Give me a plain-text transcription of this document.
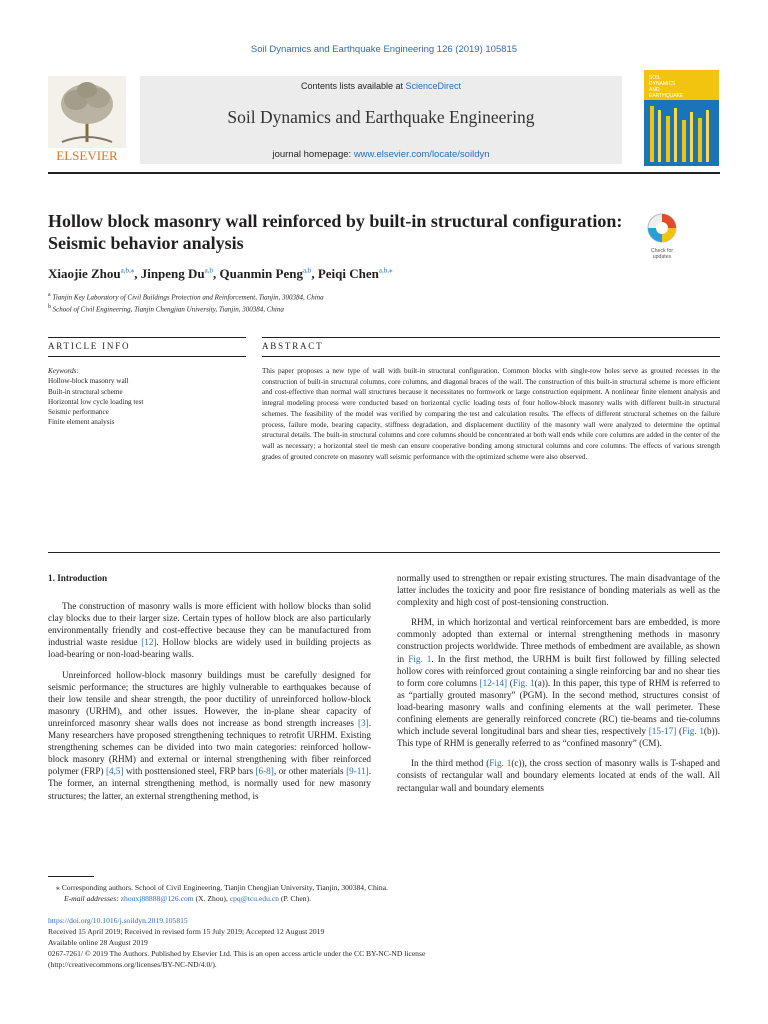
Soil Dynamics and Earthquake Engineering 126 (2019) 105815
ELSEVIER
Contents lists available at ScienceDirect
Soil Dynamics and Earthquake Engineering
journal homepage: www.elsevier.com/locate/soildyn
SOIL
DYNAMICS
AND
EARTHQUAKE
Hollow block masonry wall reinforced by built-in structural configuration:
Seismic behavior analysis	Check for
updates
Xiaojie Zhou$^{a,b,⁎}$, Jinpeng Du$^{a,b}$, Quanmin Peng$^{a,b}$, Peiqi Chen$^{a,b,⁎}$
$^a$ Tianjin Key Laboratory of Civil Buildings Protection and Reinforcement, Tianjin, 300384, China
$^b$ School of Civil Engineering, Tianjin Chengjian University, Tianjin, 300384, China
ARTICLE INFO	ABSTRACT
Keywords:
Hollow-block masonry wall
Built-in structural scheme
Horizontal low cycle loading test
Seismic performance
Finite element analysis
This paper proposes a new type of wall with built-in structural configuration. Common blocks with single-row holes serve as grouted recesses in the construction of built-in structural columns, core columns, and diagonal braces of the wall. The construction of this built-in structural scheme is more efficient and cost-effective than normal wall structures because it necessitates no formwork or large construction equipment. A nonlinear finite element analysis and integral modeling process were conducted based on horizontal cyclic loading tests of four hollow-block masonry walls with different built-in structural schemes. The feasibility of the model was verified by comparing the test and calculation results. The effects of different structural schemes on the failure process, failure mode, bearing capacity, stiffness degradation, and displacement ductility of the masonry wall were analyzed to determine the optimal structural details. The built-in structural columns and core columns should be concentrated at both wall ends while core columns are added in the center of the wall as necessary; a horizontal steel tie mesh can ensure cooperative bonding among structural columns and core columns. The effects of various strength grades of grouted concrete on masonry wall seismic performance with the optimized scheme were also observed.
1. Introduction

The construction of masonry walls is more efficient with hollow blocks than solid clay blocks due to their larger size. Certain types of hollow block are also particularly environmentally friendly and cost-effective because they can be manufactured from industrial waste residue [12]. Hollow blocks are widely used in building projects as load-bearing or non-load-bearing walls.

Unreinforced hollow-block masonry buildings must be carefully designed for seismic performance; the structures are highly vulnerable to earthquakes because of their low tensile and shear strength, the poor ductility of unreinforced hollow-block masonry (URHM), and other issues. However, the in-plane shear capacity of unreinforced masonry shear walls does not increase as bond strength increases [3]. Many researchers have proposed strengthening techniques to retrofit URHM. Existing strengthening schemes can be divided into two main categories: reinforced hollow-block masonry (RHM) and external or internal strengthening with fiber reinforced polymer (FRP) [4,5] with posttensioned steel, FRP bars [6-8], or other materials [9-11]. The former, an internal strengthening method, is normally used for new masonry structures; the latter, an external strengthening method, is

normally used to strengthen or repair existing structures. The main disadvantage of the latter includes the toxicity and poor fire resistance of bonding materials as well as the complexity and high cost of post-tensioning construction.

RHM, in which horizontal and vertical reinforcement bars are embedded, is more commonly adopted than external or internal strengthening methods in masonry construction projects worldwide. Three methods of embedment are available, as shown in Fig. 1. In the first method, the URHM is built first followed by filling selected hollow cores with reinforced grout containing a single reinforcing bar and no shear ties to form core columns [12-14] (Fig. 1(a)). In this paper, this type of RHM is referred to as “partially grouted masonry” (PGM). In the second method, structures consist of load-bearing masonry walls and confining elements at the wall perimeter. These confining elements are generally reinforced concrete (RC) tie-beams and tie-columns which include several longitudinal bars and shear ties, respectively [15-17] (Fig. 1(b)). This type of RHM is generally referred to as “confined masonry” (CM).

In the third method (Fig. 1(c)), the cross section of masonry walls is T-shaped and consists of rectangular wall and boundary elements located at ends of the wall. All rectangular wall and boundary elements

⁎ Corresponding authors. School of Civil Engineering, Tianjin Chengjian University, Tianjin, 300384, China.
E-mail addresses: zhouxj88888@126.com (X. Zhou), cpq@tcu.edu.cn (P. Chen).
https://doi.org/10.1016/j.soildyn.2019.105815
Received 15 April 2019; Received in revised form 15 July 2019; Accepted 12 August 2019
Available online 28 August 2019
0267-7261/ © 2019 The Authors. Published by Elsevier Ltd. This is an open access article under the CC BY-NC-ND license
(http://creativecommons.org/licenses/BY-NC-ND/4.0/).
